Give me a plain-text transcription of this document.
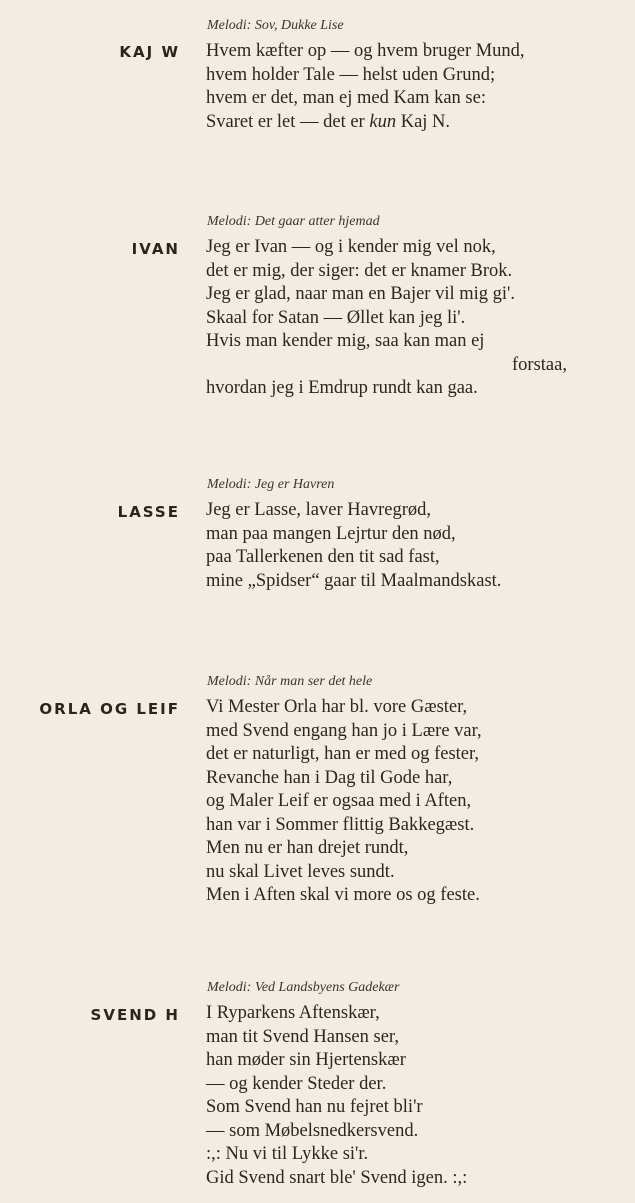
Melodi: Sov, Dukke Lise
KAJ W Hvem kæfter op — og hvem bruger Mund,
hvem holder Tale — helst uden Grund;
hvem er det, man ej med Kam kan se:
Svaret er let — det er kun Kaj N.
Melodi: Det gaar atter hjemad
IVAN Jeg er Ivan — og i kender mig vel nok,
det er mig, der siger: det er knamer Brok.
Jeg er glad, naar man en Bajer vil mig gi'.
Skaal for Satan — Øllet kan jeg li'.
Hvis man kender mig, saa kan man ej
forstaa,
hvordan jeg i Emdrup rundt kan gaa.
Melodi: Jeg er Havren
LASSE Jeg er Lasse, laver Havregrød,
man paa mangen Lejrtur den nød,
paa Tallerkenen den tit sad fast,
mine „Spidser“ gaar til Maalmandskast.
Melodi: Når man ser det hele
ORLA OG LEIF Vi Mester Orla har bl. vore Gæster,
med Svend engang han jo i Lære var,
det er naturligt, han er med og fester,
Revanche han i Dag til Gode har,
og Maler Leif er ogsaa med i Aften,
han var i Sommer flittig Bakkegæst.
Men nu er han drejet rundt,
nu skal Livet leves sundt.
Men i Aften skal vi more os og feste.
Melodi: Ved Landsbyens Gadekær
SVEND H I Ryparkens Aftenskær,
man tit Svend Hansen ser,
han møder sin Hjertenskær
— og kender Steder der.
Som Svend han nu fejret bli'r
— som Møbelsnedkersvend.
:,: Nu vi til Lykke si'r.
Gid Svend snart ble' Svend igen. :,:
